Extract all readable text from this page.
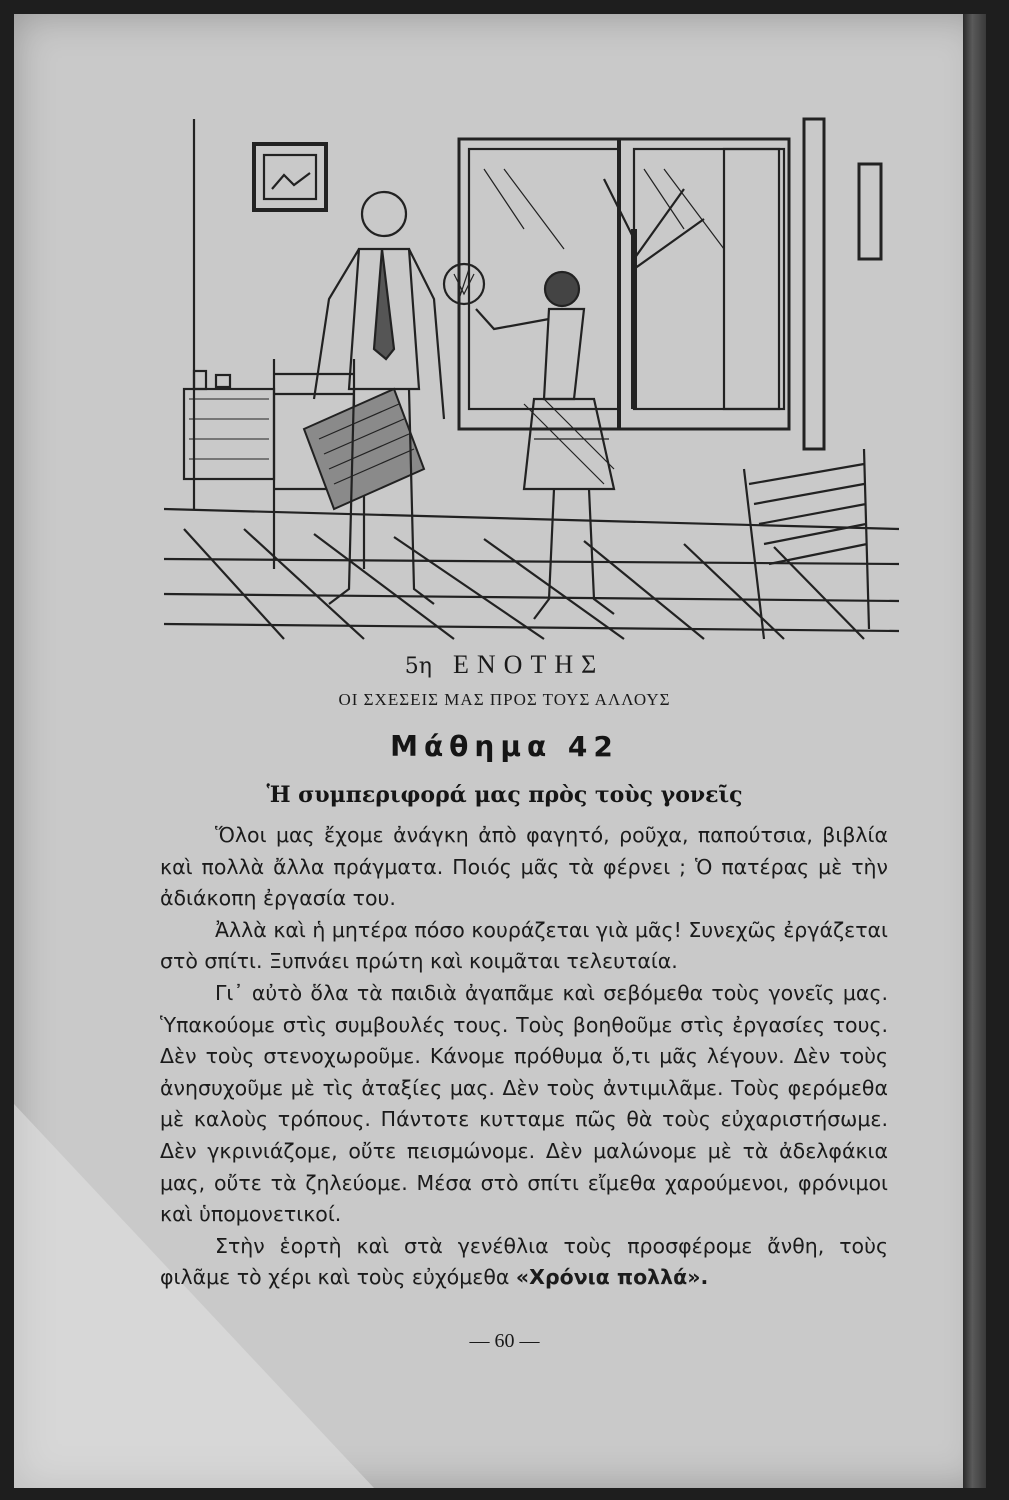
5η ΕΝΟΤΗΣ
ΟΙ ΣΧΕΣΕΙΣ ΜΑΣ ΠΡΟΣ ΤΟΥΣ ΑΛΛΟΥΣ
Μάθημα 42
Ἡ συμπεριφορά μας πρὸς τοὺς γονεῖς

Ὅλοι μας ἔχομε ἀνάγκη ἀπὸ φαγητό, ροῦχα, παπούτσια, βιβλία καὶ πολλὰ ἄλλα πράγματα. Ποιός μᾶς τὰ φέρνει ; Ὁ πατέρας μὲ τὴν ἀδιάκοπη ἐργασία του.

Ἀλλὰ καὶ ἡ μητέρα πόσο κουράζεται γιὰ μᾶς! Συνεχῶς ἐργάζεται στὸ σπίτι. Ξυπνάει πρώτη καὶ κοιμᾶται τελευταία.

Γι᾿ αὐτὸ ὅλα τὰ παιδιὰ ἀγαπᾶμε καὶ σεβόμεθα τοὺς γονεῖς μας. Ὑπακούομε στὶς συμβουλές τους. Τοὺς βοηθοῦμε στὶς ἐργασίες τους. Δὲν τοὺς στενοχωροῦμε. Κάνομε πρόθυμα ὅ,τι μᾶς λέγουν. Δὲν τοὺς ἀνησυχοῦμε μὲ τὶς ἀταξίες μας. Δὲν τοὺς ἀντιμιλᾶμε. Τοὺς φερόμεθα μὲ καλοὺς τρόπους. Πάντοτε κυτταμε πῶς θὰ τοὺς εὐχαριστήσωμε. Δὲν γκρινιάζομε, οὔτε πεισμώνομε. Δὲν μαλώνομε μὲ τὰ ἀδελφάκια μας, οὔτε τὰ ζηλεύομε. Μέσα στὸ σπίτι εἴμεθα χαρούμενοι, φρόνιμοι καὶ ὑπομονετικοί.

Στὴν ἑορτὴ καὶ στὰ γενέθλια τοὺς προσφέρομε ἄνθη, τοὺς φιλᾶμε τὸ χέρι καὶ τοὺς εὐχόμεθα «Χρόνια πολλά».

— 60 —
